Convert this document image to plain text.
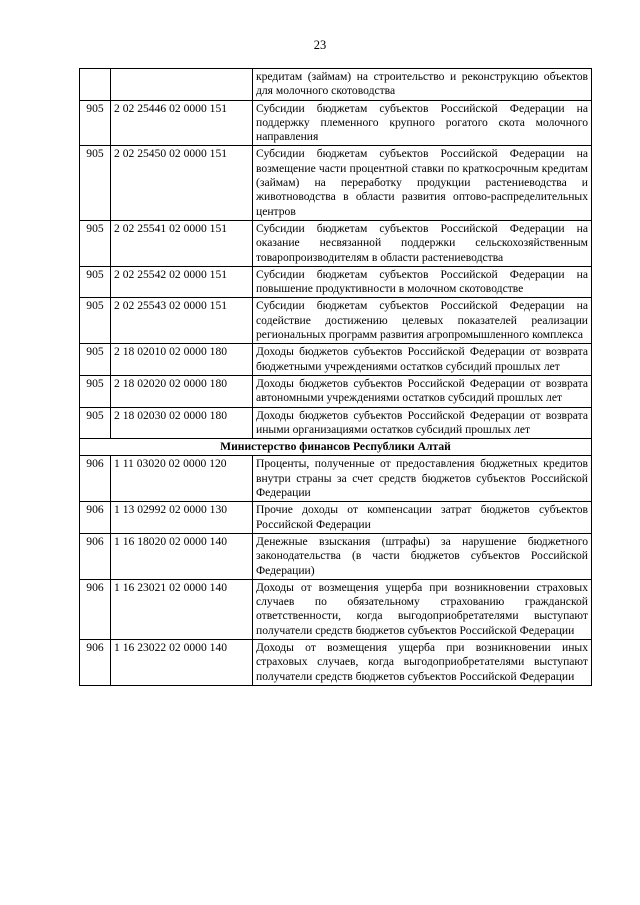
23
		кредитам (займам) на строительство и реконструкцию объектов для молочного скотоводства
905	2 02 25446 02 0000 151	Субсидии бюджетам субъектов Российской Федерации на поддержку племенного крупного рогатого скота молочного направления
905	2 02 25450 02 0000 151	Субсидии бюджетам субъектов Российской Федерации на возмещение части процентной ставки по краткосрочным кредитам (займам) на переработку продукции растениеводства и животноводства в области развития оптово-распределительных центров
905	2 02 25541 02 0000 151	Субсидии бюджетам субъектов Российской Федерации на оказание несвязанной поддержки сельскохозяйственным товаропроизводителям в области растениеводства
905	2 02 25542 02 0000 151	Субсидии бюджетам субъектов Российской Федерации на повышение продуктивности в молочном скотоводстве
905	2 02 25543 02 0000 151	Субсидии бюджетам субъектов Российской Федерации на содействие достижению целевых показателей реализации региональных программ развития агропромышленного комплекса
905	2 18 02010 02 0000 180	Доходы бюджетов субъектов Российской Федерации от возврата бюджетными учреждениями остатков субсидий прошлых лет
905	2 18 02020 02 0000 180	Доходы бюджетов субъектов Российской Федерации от возврата автономными учреждениями остатков субсидий прошлых лет
905	2 18 02030 02 0000 180	Доходы бюджетов субъектов Российской Федерации от возврата иными организациями остатков субсидий прошлых лет
Министерство финансов Республики Алтай		
906	1 11 03020 02 0000 120	Проценты, полученные от предоставления бюджетных кредитов внутри страны за счет средств бюджетов субъектов Российской Федерации
906	1 13 02992 02 0000 130	Прочие доходы от компенсации затрат бюджетов субъектов Российской Федерации
906	1 16 18020 02 0000 140	Денежные взыскания (штрафы) за нарушение бюджетного законодательства (в части бюджетов субъектов Российской Федерации)
906	1 16 23021 02 0000 140	Доходы от возмещения ущерба при возникновении страховых случаев по обязательному страхованию гражданской ответственности, когда выгодоприобретателями выступают получатели средств бюджетов субъектов Российской Федерации
906	1 16 23022 02 0000 140	Доходы от возмещения ущерба при возникновении иных страховых случаев, когда выгодоприобретателями выступают получатели средств бюджетов субъектов Российской Федерации
